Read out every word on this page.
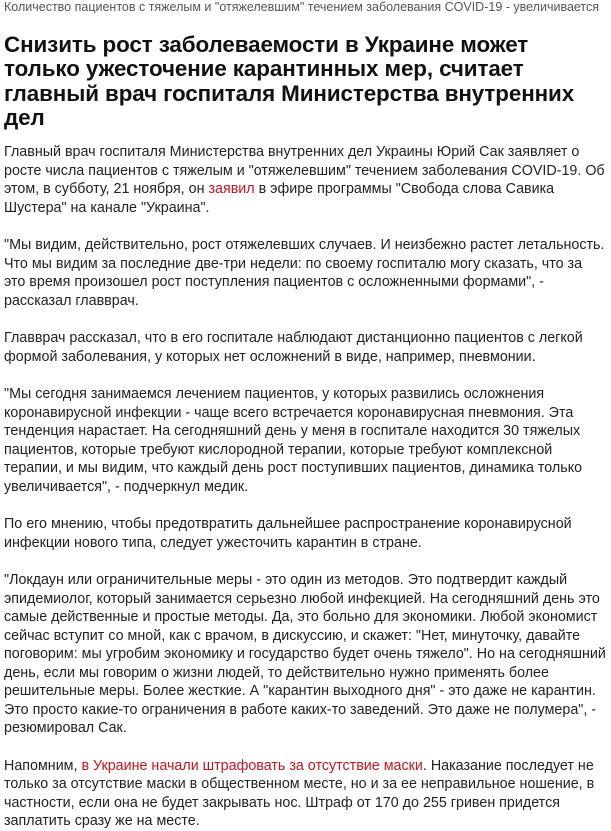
Количество пациентов с тяжелым и "отяжелевшим" течением заболевания COVID-19 - увеличивается
Снизить рост заболеваемости в Украине может только ужесточение карантинных мер, считает главный врач госпиталя Министерства внутренних дел

Главный врач госпиталя Министерства внутренних дел Украины Юрий Сак заявляет о росте числа пациентов с тяжелым и "отяжелевшим" течением заболевания COVID-19. Об этом, в субботу, 21 ноября, он заявил в эфире программы "Свобода слова Савика Шустера" на канале "Украина".

"Мы видим, действительно, рост отяжелевших случаев. И неизбежно растет летальность. Что мы видим за последние две-три недели: по своему госпиталю могу сказать, что за это время произошел рост поступления пациентов с осложненными формами", - рассказал главврач.

Главврач рассказал, что в его госпитале наблюдают дистанционно пациентов с легкой формой заболевания, у которых нет осложнений в виде, например, пневмонии.

"Мы сегодня занимаемся лечением пациентов, у которых развились осложнения коронавирусной инфекции - чаще всего встречается коронавирусная пневмония. Эта тенденция нарастает. На сегодняшний день у меня в госпитале находится 30 тяжелых пациентов, которые требуют кислородной терапии, которые требуют комплексной терапии, и мы видим, что каждый день рост поступивших пациентов, динамика только увеличивается", - подчеркнул медик.

По его мнению, чтобы предотвратить дальнейшее распространение коронавирусной инфекции нового типа, следует ужесточить карантин в стране.

"Локдаун или ограничительные меры - это один из методов. Это подтвердит каждый эпидемиолог, который занимается серьезно любой инфекцией. На сегодняшний день это самые действенные и простые методы. Да, это больно для экономики. Любой экономист сейчас вступит со мной, как с врачом, в дискуссию, и скажет: "Нет, минуточку, давайте поговорим: мы угробим экономику и государство будет очень тяжело". Но на сегодняшний день, если мы говорим о жизни людей, то действительно нужно применять более решительные меры. Более жесткие. А "карантин выходного дня" - это даже не карантин. Это просто какие-то ограничения в работе каких-то заведений. Это даже не полумера", - резюмировал Сак.

Напомним, в Украине начали штрафовать за отсутствие маски. Наказание последует не только за отсутствие маски в общественном месте, но и за ее неправильное ношение, в частности, если она не будет закрывать нос. Штраф от 170 до 255 гривен придется заплатить сразу же на месте.
